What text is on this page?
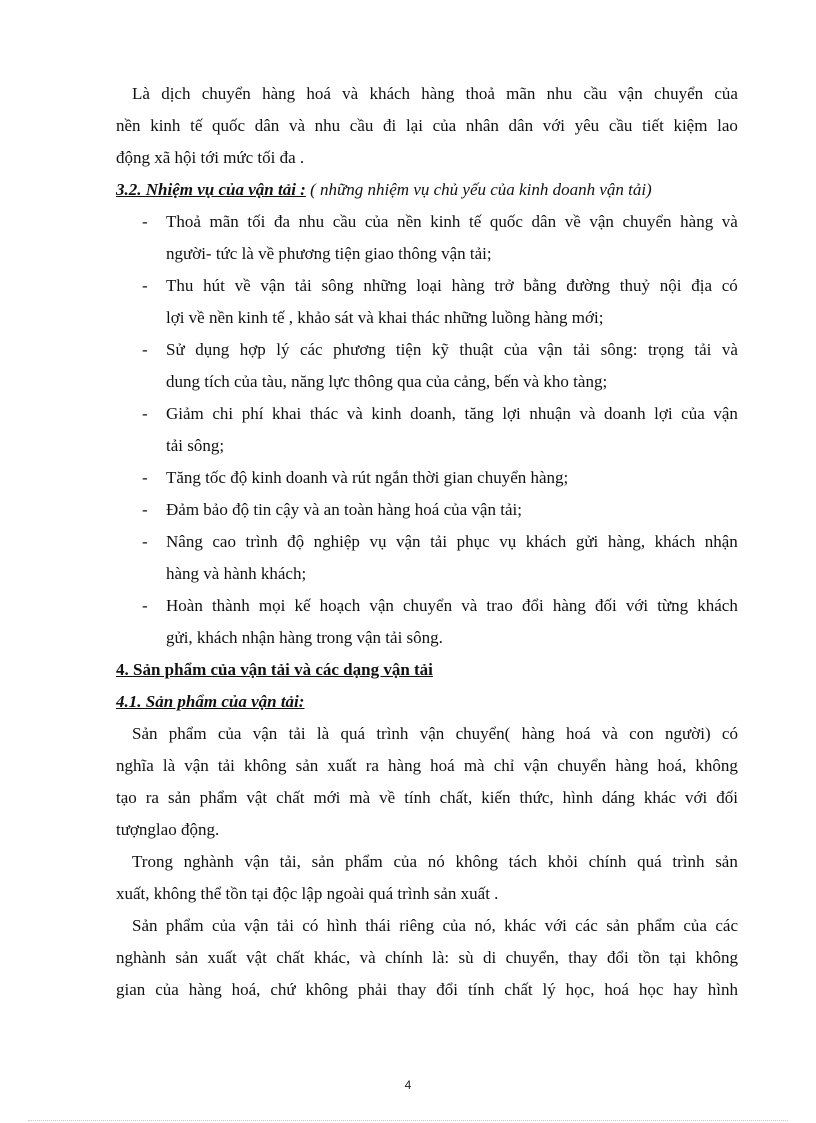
Là dịch chuyển hàng hoá và khách hàng thoả mãn nhu cầu vận chuyển của
nền kinh tế quốc dân và nhu cầu đi lại của nhân dân với yêu cầu tiết kiệm lao
động xã hội tới mức tối đa .
3.2. Nhiệm vụ của vận tải : ( những nhiệm vụ chủ yếu của kinh doanh vận tải)
- Thoả mãn tối đa nhu cầu của nền kinh tế quốc dân về vận chuyển hàng và
người- tức là về phương tiện giao thông vận tải;
- Thu hút về vận tải sông những loại hàng trở bằng đường thuỷ nội địa có
lợi về nền kinh tế , khảo sát và khai thác những luồng hàng mới;
- Sử dụng hợp lý các phương tiện kỹ thuật của vận tải sông: trọng tải và
dung tích của tàu, năng lực thông qua của cảng, bến và kho tàng;
- Giảm chi phí khai thác và kinh doanh, tăng lợi nhuận và doanh lợi của vận
tải sông;
- Tăng tốc độ kinh doanh và rút ngắn thời gian chuyển hàng;
- Đảm bảo độ tin cậy và an toàn hàng hoá của vận tải;
- Nâng cao trình độ nghiệp vụ vận tải phục vụ khách gửi hàng, khách nhận
hàng và hành khách;
- Hoàn thành mọi kế hoạch vận chuyển và trao đổi hàng đối với từng khách
gửi, khách nhận hàng trong vận tải sông.
4. Sản phẩm của vận tải và các dạng vận tải
4.1. Sản phẩm của vận tải:
Sản phẩm của vận tải là quá trình vận chuyển( hàng hoá và con người) có
nghĩa là vận tải không sản xuất ra hàng hoá mà chỉ vận chuyển hàng hoá, không
tạo ra sản phẩm vật chất mới mà về tính chất, kiến thức, hình dáng khác với đối
tượnglao động.
Trong nghành vận tải, sản phẩm của nó không tách khỏi chính quá trình sản
xuất, không thể tồn tại độc lập ngoài quá trình sản xuất .
Sản phẩm của vận tải có hình thái riêng của nó, khác với các sản phẩm của các
nghành sản xuất vật chất khác, và chính là: sù di chuyển, thay đổi tồn tại không
gian của hàng hoá, chứ không phải thay đổi tính chất lý học, hoá học hay hình
4
